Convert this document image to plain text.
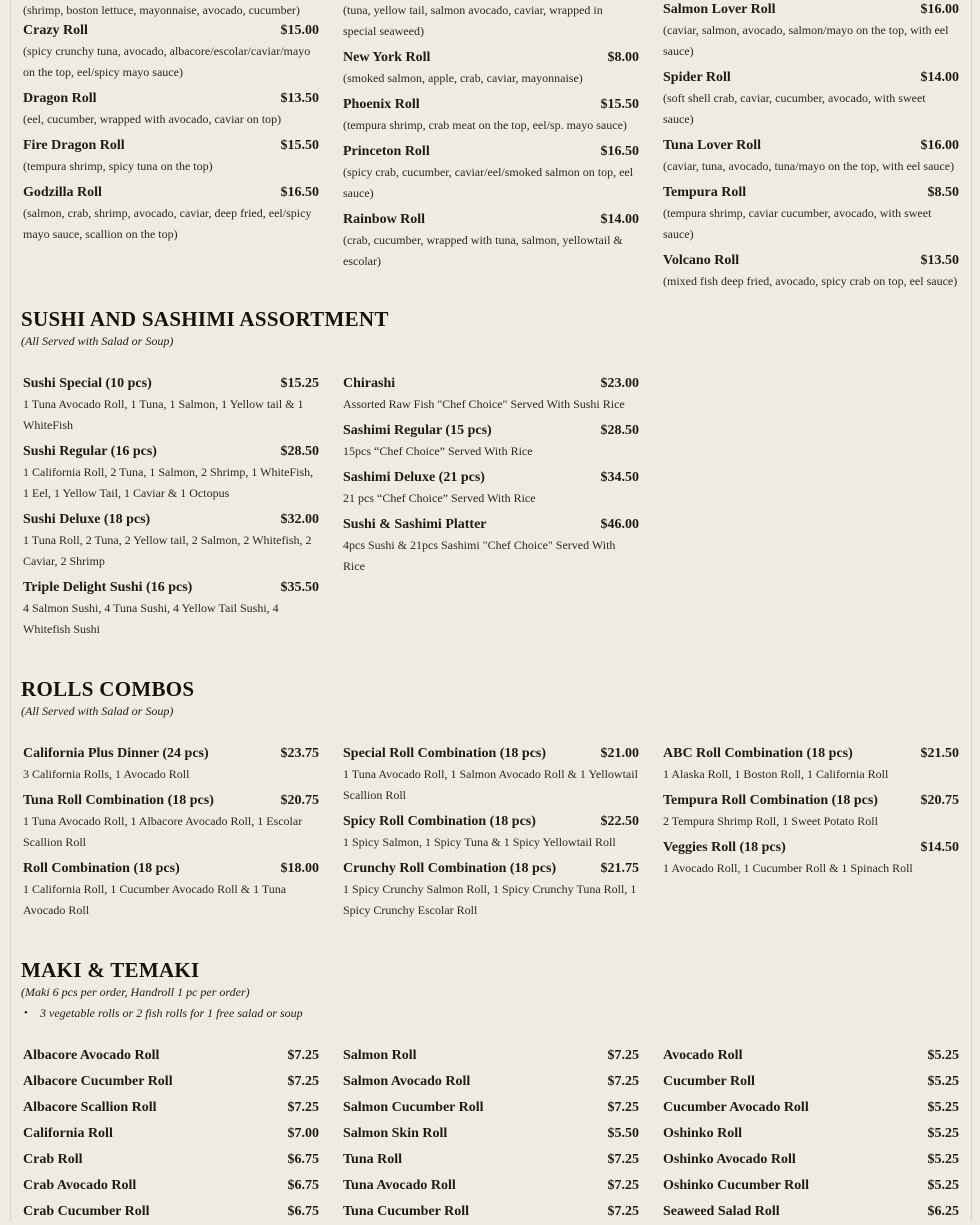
(shrimp, boston lettuce, mayonnaise, avocado, cucumber)
Crazy Roll	$15.00
(spicy crunchy tuna, avocado, albacore/escolar/caviar/mayo on the top, eel/spicy mayo sauce)
Dragon Roll	$13.50
(eel, cucumber, wrapped with avocado, caviar on top)
Fire Dragon Roll	$15.50
(tempura shrimp, spicy tuna on the top)
Godzilla Roll	$16.50
(salmon, crab, shrimp, avocado, caviar, deep fried, eel/spicy mayo sauce, scallion on the top)
(tuna, yellow tail, salmon avocado, caviar, wrapped in special seaweed)
New York Roll	$8.00
(smoked salmon, apple, crab, caviar, mayonnaise)
Phoenix Roll	$15.50
(tempura shrimp, crab meat on the top, eel/sp. mayo sauce)
Princeton Roll	$16.50
(spicy crab, cucumber, caviar/eel/smoked salmon on top, eel sauce)
Rainbow Roll	$14.00
(crab, cucumber, wrapped with tuna, salmon, yellowtail & escolar)
Salmon Lover Roll	$16.00
(caviar, salmon, avocado, salmon/mayo on the top, with eel sauce)
Spider Roll	$14.00
(soft shell crab, caviar, cucumber, avocado, with sweet sauce)
Tuna Lover Roll	$16.00
(caviar, tuna, avocado, tuna/mayo on the top, with eel sauce)
Tempura Roll	$8.50
(tempura shrimp, caviar cucumber, avocado, with sweet sauce)
Volcano Roll	$13.50
(mixed fish deep fried, avocado, spicy crab on top, eel sauce)
SUSHI AND SASHIMI ASSORTMENT
(All Served with Salad or Soup)
Sushi Special (10 pcs)	$15.25
1 Tuna Avocado Roll, 1 Tuna, 1 Salmon, 1 Yellow tail & 1 WhiteFish
Sushi Regular (16 pcs)	$28.50
1 California Roll, 2 Tuna, 1 Salmon, 2 Shrimp, 1 WhiteFish, 1 Eel, 1 Yellow Tail, 1 Caviar & 1 Octopus
Sushi Deluxe (18 pcs)	$32.00
1 Tuna Roll, 2 Tuna, 2 Yellow tail, 2 Salmon, 2 Whitefish, 2 Caviar, 2 Shrimp
Triple Delight Sushi (16 pcs)	$35.50
4 Salmon Sushi, 4 Tuna Sushi, 4 Yellow Tail Sushi, 4 Whitefish Sushi
Chirashi	$23.00
Assorted Raw Fish "Chef Choice" Served With Sushi Rice
Sashimi Regular (15 pcs)	$28.50
15pcs “Chef Choice” Served With Rice
Sashimi Deluxe (21 pcs)	$34.50
21 pcs “Chef Choice” Served With Rice
Sushi & Sashimi Platter	$46.00
4pcs Sushi & 21pcs Sashimi "Chef Choice" Served With Rice
ROLLS COMBOS
(All Served with Salad or Soup)
California Plus Dinner (24 pcs)	$23.75
3 California Rolls, 1 Avocado Roll
Tuna Roll Combination (18 pcs)	$20.75
1 Tuna Avocado Roll, 1 Albacore Avocado Roll, 1 Escolar Scallion Roll
Roll Combination (18 pcs)	$18.00
1 California Roll, 1 Cucumber Avocado Roll & 1 Tuna Avocado Roll
Special Roll Combination (18 pcs)	$21.00
1 Tuna Avocado Roll, 1 Salmon Avocado Roll & 1 Yellowtail Scallion Roll
Spicy Roll Combination (18 pcs)	$22.50
1 Spicy Salmon, 1 Spicy Tuna & 1 Spicy Yellowtail Roll
Crunchy Roll Combination (18 pcs)	$21.75
1 Spicy Crunchy Salmon Roll, 1 Spicy Crunchy Tuna Roll, 1 Spicy Crunchy Escolar Roll
ABC Roll Combination (18 pcs)	$21.50
1 Alaska Roll, 1 Boston Roll, 1 California Roll
Tempura Roll Combination (18 pcs)	$20.75
2 Tempura Shrimp Roll, 1 Sweet Potato Roll
Veggies Roll (18 pcs)	$14.50
1 Avocado Roll, 1 Cucumber Roll & 1 Spinach Roll
MAKI & TEMAKI
(Maki 6 pcs per order, Handroll 1 pc per order)
• 3 vegetable rolls or 2 fish rolls for 1 free salad or soup
Albacore Avocado Roll	$7.25
Albacore Cucumber Roll	$7.25
Albacore Scallion Roll	$7.25
California Roll	$7.00
Crab Roll	$6.75
Crab Avocado Roll	$6.75
Crab Cucumber Roll	$6.75
Salmon Roll	$7.25
Salmon Avocado Roll	$7.25
Salmon Cucumber Roll	$7.25
Salmon Skin Roll	$5.50
Tuna Roll	$7.25
Tuna Avocado Roll	$7.25
Tuna Cucumber Roll	$7.25
Avocado Roll	$5.25
Cucumber Roll	$5.25
Cucumber Avocado Roll	$5.25
Oshinko Roll	$5.25
Oshinko Avocado Roll	$5.25
Oshinko Cucumber Roll	$5.25
Seaweed Salad Roll	$6.25
